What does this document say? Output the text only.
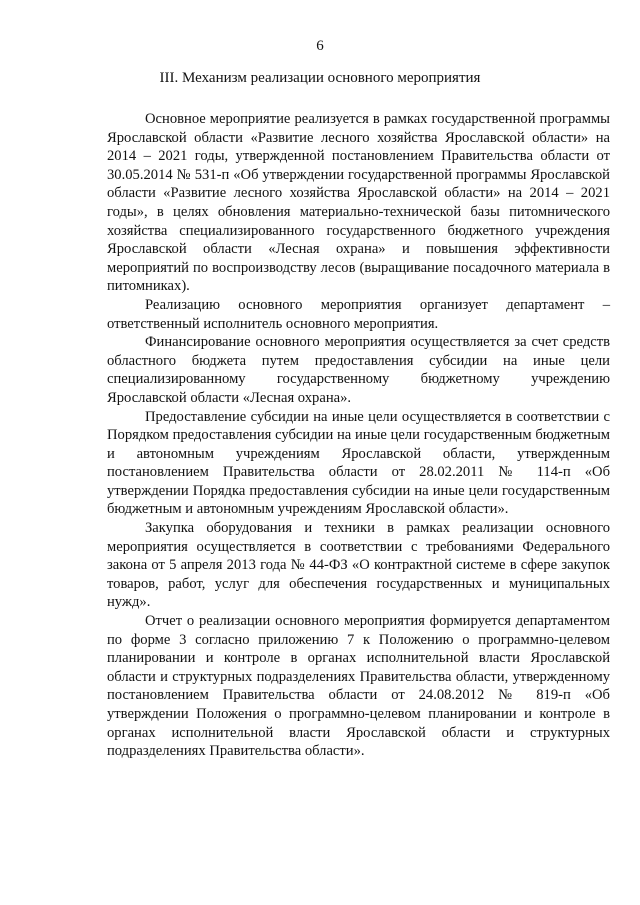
6
III. Механизм реализации основного мероприятия

Основное мероприятие реализуется в рамках государственной программы Ярославской области «Развитие лесного хозяйства Ярославской области» на 2014 – 2021 годы, утвержденной постановлением Правительства области от 30.05.2014 № 531-п «Об утверждении государственной программы Ярославской области «Развитие лесного хозяйства Ярославской области» на 2014 – 2021 годы», в целях обновления материально-технической базы питомнического хозяйства специализированного государственного бюджетного учреждения Ярославской области «Лесная охрана» и повышения эффективности мероприятий по воспроизводству лесов (выращивание посадочного материала в питомниках).

Реализацию основного мероприятия организует департамент – ответственный исполнитель основного мероприятия.

Финансирование основного мероприятия осуществляется за счет средств областного бюджета путем предоставления субсидии на иные цели специализированному государственному бюджетному учреждению Ярославской области «Лесная охрана».

Предоставление субсидии на иные цели осуществляется в соответствии с Порядком предоставления субсидии на иные цели государственным бюджетным и автономным учреждениям Ярославской области, утвержденным постановлением Правительства области от 28.02.2011 № 114-п «Об утверждении Порядка предоставления субсидии на иные цели государственным бюджетным и автономным учреждениям Ярославской области».

Закупка оборудования и техники в рамках реализации основного мероприятия осуществляется в соответствии с требованиями Федерального закона от 5 апреля 2013 года № 44-ФЗ «О контрактной системе в сфере закупок товаров, работ, услуг для обеспечения государственных и муниципальных нужд».

Отчет о реализации основного мероприятия формируется департаментом по форме 3 согласно приложению 7 к Положению о программно-целевом планировании и контроле в органах исполнительной власти Ярославской области и структурных подразделениях Правительства области, утвержденному постановлением Правительства области от 24.08.2012 № 819-п «Об утверждении Положения о программно-целевом планировании и контроле в органах исполнительной власти Ярославской области и структурных подразделениях Правительства области».
